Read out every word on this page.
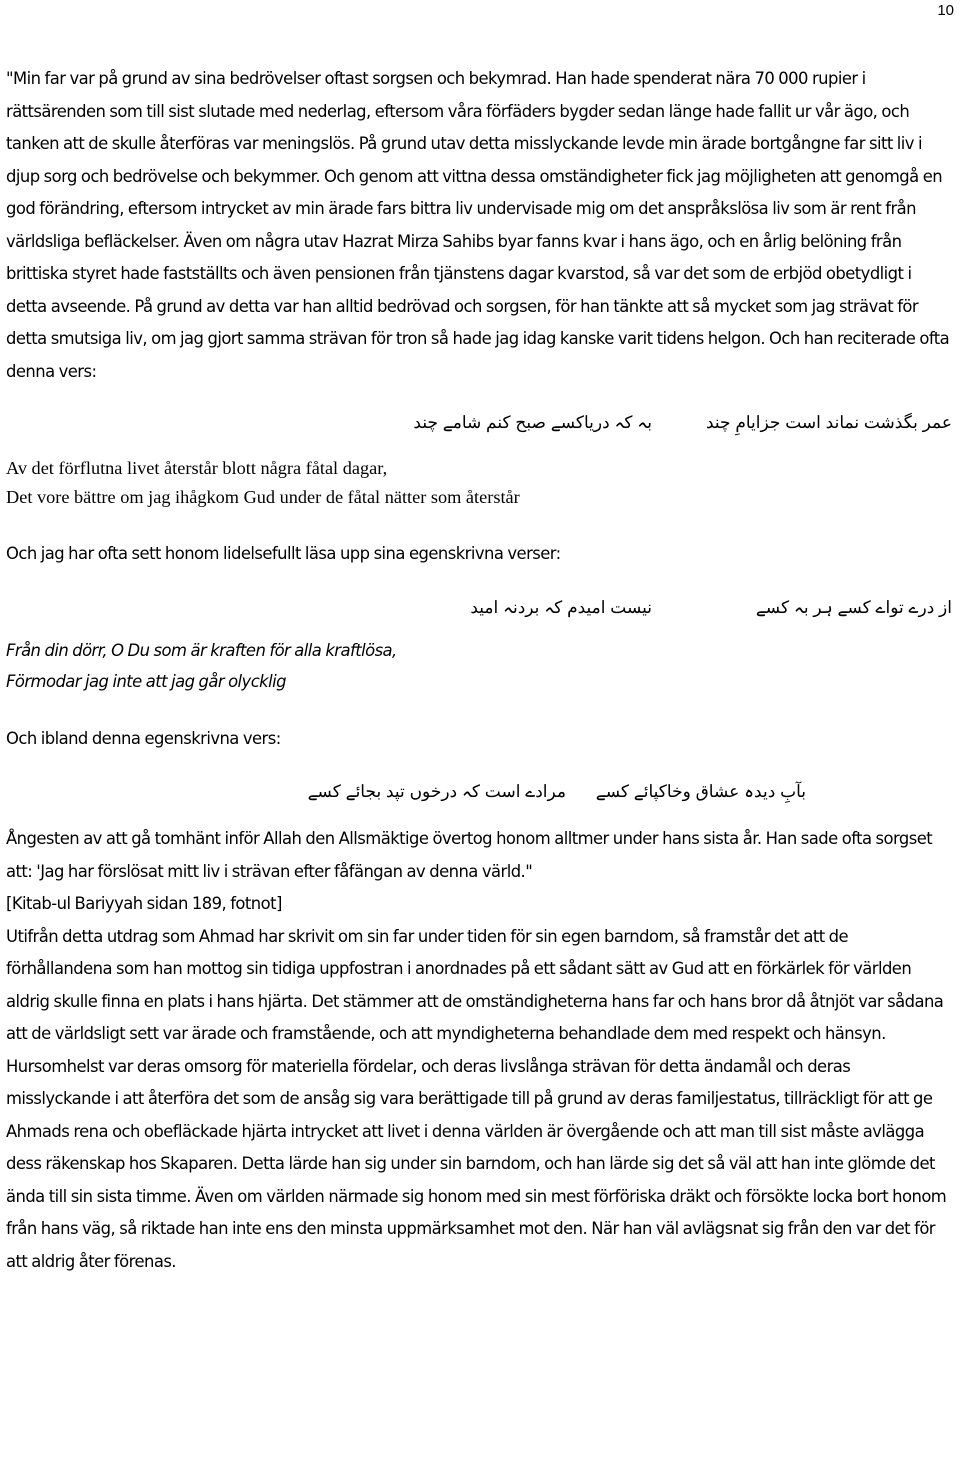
10

"Min far var på grund av sina bedrövelser oftast sorgsen och bekymrad. Han hade spenderat nära 70 000 rupier i rättsärenden som till sist slutade med nederlag, eftersom våra förfäders bygder sedan länge hade fallit ur vår ägo, och tanken att de skulle återföras var meningslös. På grund utav detta misslyckande levde min ärade bortgångne far sitt liv i djup sorg och bedrövelse och bekymmer. Och genom att vittna dessa omständigheter fick jag möjligheten att genomgå en god förändring, eftersom intrycket av min ärade fars bittra liv undervisade mig om det anspråkslösa liv som är rent från världsliga befläckelser. Även om några utav Hazrat Mirza Sahibs byar fanns kvar i hans ägo, och en årlig belöning från brittiska styret hade fastställts och även pensionen från tjänstens dagar kvarstod, så var det som de erbjöd obetydligt i detta avseende. På grund av detta var han alltid bedrövad och sorgsen, för han tänkte att så mycket som jag strävat för detta smutsiga liv, om jag gjort samma strävan för tron så hade jag idag kanske varit tidens helgon. Och han reciterade ofta denna vers:

عمر بگذشت نماند است جزایامِ چند
بہ کہ دریاکسے صبح کنم شامے چند
Av det förflutna livet återstår blott några fåtal dagar,
Det vore bättre om jag ihågkom Gud under de fåtal nätter som återstår

Och jag har ofta sett honom lidelsefullt läsa upp sina egenskrivna verser:

از درے تواے کسے ہر بہ کسے
نیست امیدم کہ بردنہ امید
Från din dörr, O Du som är kraften för alla kraftlösa,
Förmodar jag inte att jag går olycklig

Och ibland denna egenskrivna vers:

بآبِ دیدہ عشاق وخاکپائے کسے
مرادے است کہ درخوں تپد بجائے کسے

Ångesten av att gå tomhänt inför Allah den Allsmäktige övertog honom alltmer under hans sista år. Han sade ofta sorgset att: 'Jag har förslösat mitt liv i strävan efter fåfängan av denna värld."

[Kitab-ul Bariyyah sidan 189, fotnot]

Utifrån detta utdrag som Ahmad har skrivit om sin far under tiden för sin egen barndom, så framstår det att de förhållandena som han mottog sin tidiga uppfostran i anordnades på ett sådant sätt av Gud att en förkärlek för världen aldrig skulle finna en plats i hans hjärta. Det stämmer att de omständigheterna hans far och hans bror då åtnjöt var sådana att de världsligt sett var ärade och framstående, och att myndigheterna behandlade dem med respekt och hänsyn. Hursomhelst var deras omsorg för materiella fördelar, och deras livslånga strävan för detta ändamål och deras misslyckande i att återföra det som de ansåg sig vara berättigade till på grund av deras familjestatus, tillräckligt för att ge Ahmads rena och obefläckade hjärta intrycket att livet i denna världen är övergående och att man till sist måste avlägga dess räkenskap hos Skaparen. Detta lärde han sig under sin barndom, och han lärde sig det så väl att han inte glömde det ända till sin sista timme. Även om världen närmade sig honom med sin mest förföriska dräkt och försökte locka bort honom från hans väg, så riktade han inte ens den minsta uppmärksamhet mot den. När han väl avlägsnat sig från den var det för att aldrig åter förenas.
